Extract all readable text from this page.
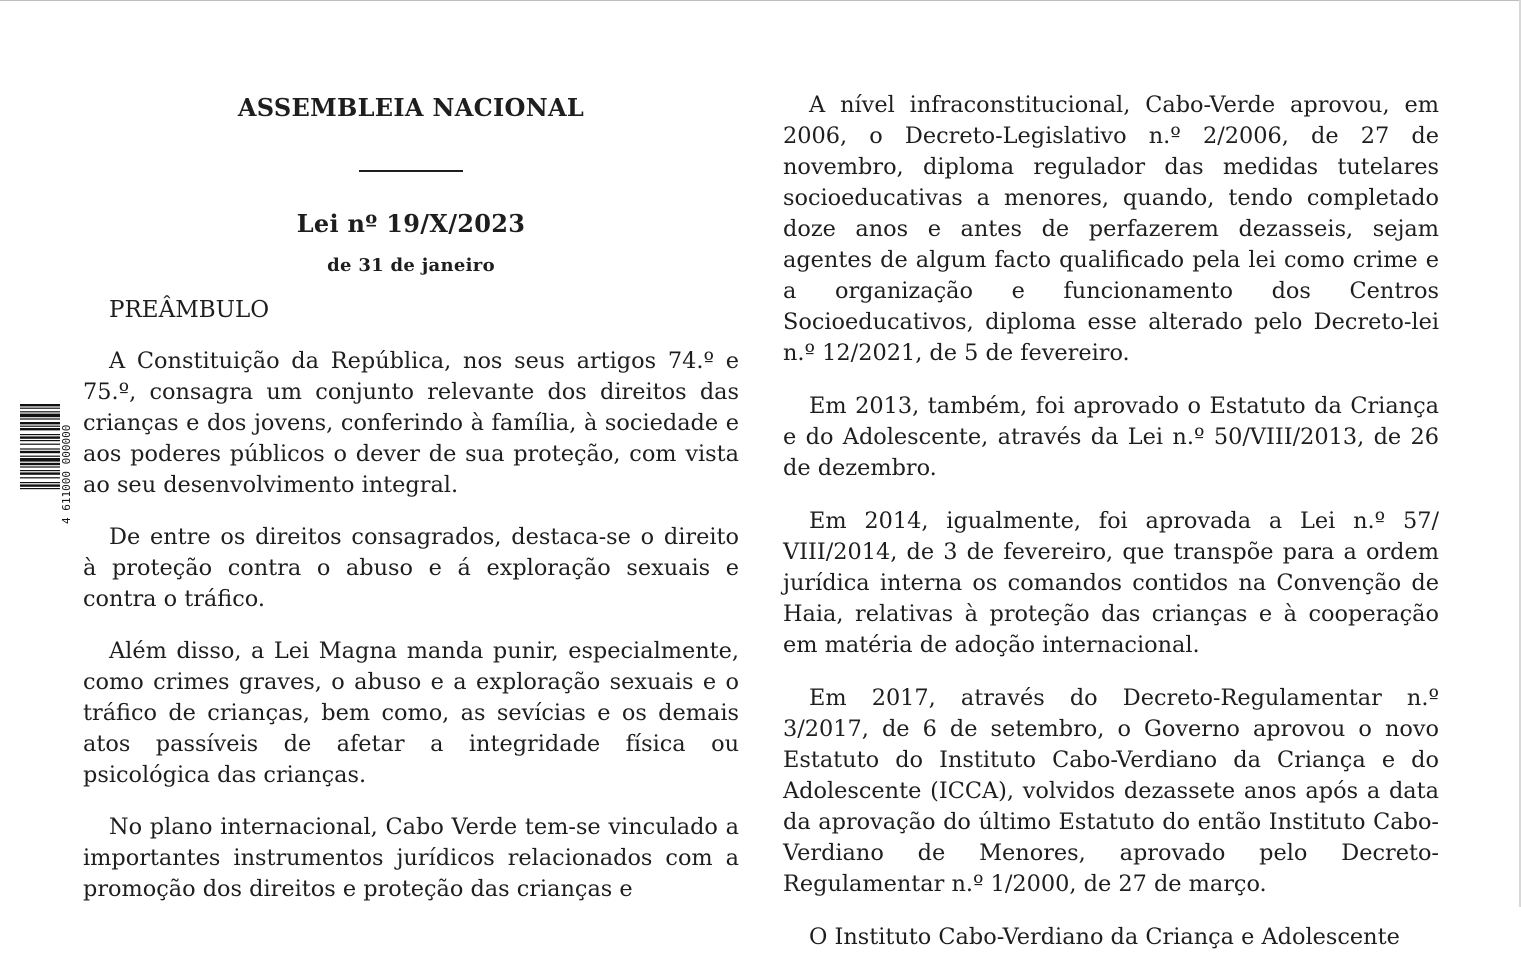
4 611000 000000
ASSEMBLEIA NACIONAL
Lei nº 19/X/2023
de 31 de janeiro

PREÂMBULO

A Constituição da República, nos seus artigos 74.º e 75.º, consagra um conjunto relevante dos direitos das crianças e dos jovens, conferindo à família, à sociedade e aos poderes públicos o dever de sua proteção, com vista ao seu desenvolvimento integral.

De entre os direitos consagrados, destaca-se o direito à proteção contra o abuso e á exploração sexuais e contra o tráfico.

Além disso, a Lei Magna manda punir, especialmente, como crimes graves, o abuso e a exploração sexuais e o tráfico de crianças, bem como, as sevícias e os demais atos passíveis de afetar a integridade física ou psicológica das crianças.

No plano internacional, Cabo Verde tem-se vinculado a importantes instrumentos jurídicos relacionados com a promoção dos direitos e proteção das crianças e

A nível infraconstitucional, Cabo-Verde aprovou, em 2006, o Decreto-Legislativo n.º 2/2006, de 27 de novembro, diploma regulador das medidas tutelares socioeducativas a menores, quando, tendo completado doze anos e antes de perfazerem dezasseis, sejam agentes de algum facto qualificado pela lei como crime e a organização e funcionamento dos Centros Socioeducativos, diploma esse alterado pelo Decreto-lei n.º 12/2021, de 5 de fevereiro.

Em 2013, também, foi aprovado o Estatuto da Criança e do Adolescente, através da Lei n.º 50/VIII/2013, de 26 de dezembro.

Em 2014, igualmente, foi aprovada a Lei n.º 57/ VIII/2014, de 3 de fevereiro, que transpõe para a ordem jurídica interna os comandos contidos na Convenção de Haia, relativas à proteção das crianças e à cooperação em matéria de adoção internacional.

Em 2017, através do Decreto-Regulamentar n.º 3/2017, de 6 de setembro, o Governo aprovou o novo Estatuto do Instituto Cabo-Verdiano da Criança e do Adolescente (ICCA), volvidos dezassete anos após a data da aprovação do último Estatuto do então Instituto Cabo-Verdiano de Menores, aprovado pelo Decreto-Regulamentar n.º 1/2000, de 27 de março.

O Instituto Cabo-Verdiano da Criança e Adolescente
